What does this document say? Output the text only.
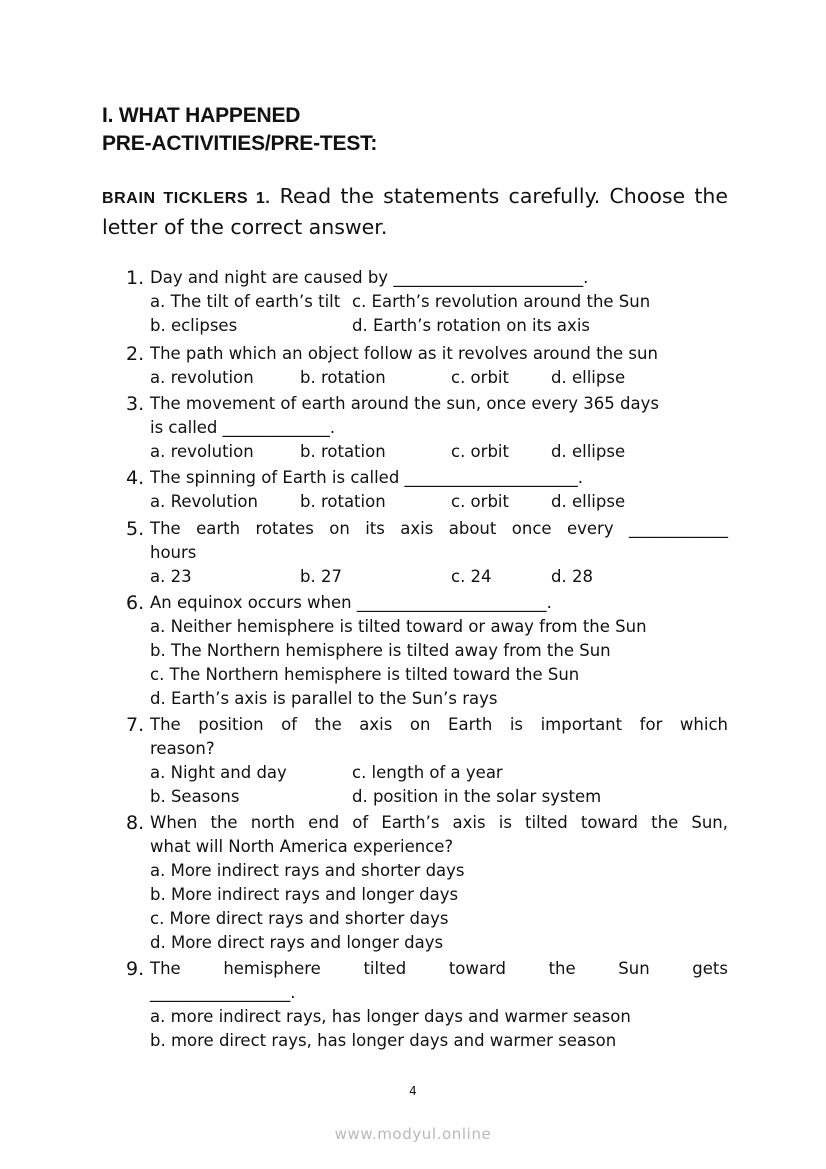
I. WHAT HAPPENED
PRE-ACTIVITIES/PRE-TEST:
BRAIN TICKLERS 1. Read the statements carefully. Choose the letter of the correct answer.
1. Day and night are caused by _______________________.
a. The tilt of earth’s tilt c. Earth’s revolution around the Sun
b. eclipses	d. Earth’s rotation on its axis
2. The path which an object follow as it revolves around the sun
a. revolution	b. rotation	c. orbit	d. ellipse
3. The movement of earth around the sun, once every 365 days
is called _____________.
a. revolution	b. rotation	c. orbit	d. ellipse
4. The spinning of Earth is called _____________________.
a. Revolution	b. rotation	c. orbit	d. ellipse
5. The earth rotates on its axis about once every ____________
hours
a. 23	b. 27	c. 24	d. 28
6. An equinox occurs when _______________________.
a. Neither hemisphere is tilted toward or away from the Sun
b. The Northern hemisphere is tilted away from the Sun
c. The Northern hemisphere is tilted toward the Sun
d. Earth’s axis is parallel to the Sun’s rays
7. The position of the axis on Earth is important for which
reason?
a. Night and day	c. length of a year
b. Seasons	d. position in the solar system
8. When the north end of Earth’s axis is tilted toward the Sun,
what will North America experience?
a. More indirect rays and shorter days
b. More indirect rays and longer days
c. More direct rays and shorter days
d. More direct rays and longer days
9. The hemisphere tilted toward the Sun gets
_________________.
a. more indirect rays, has longer days and warmer season
b. more direct rays, has longer days and warmer season
4
www.modyul.online
